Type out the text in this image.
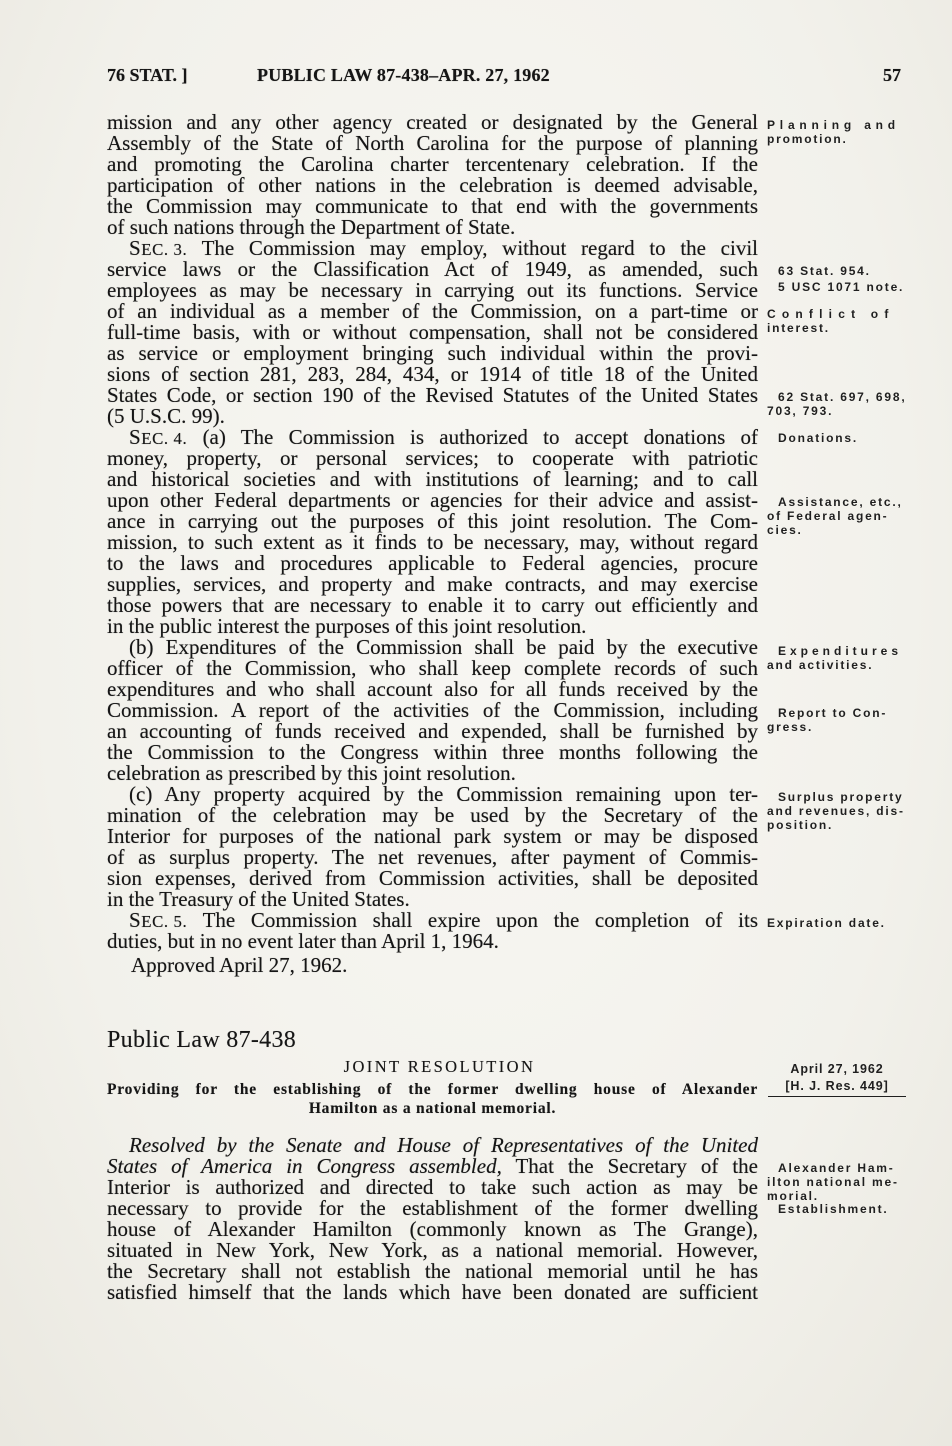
76 STAT. ]	PUBLIC LAW 87-438–APR. 27, 1962	57
mission and any other agency created or designated by the General
Assembly of the State of North Carolina for the purpose of planning
and promoting the Carolina charter tercentenary celebration. If the
participation of other nations in the celebration is deemed advisable,
the Commission may communicate to that end with the governments
of such nations through the Department of State.
SEC. 3. The Commission may employ, without regard to the civil
service laws or the Classification Act of 1949, as amended, such
employees as may be necessary in carrying out its functions. Service
of an individual as a member of the Commission, on a part-time or
full-time basis, with or without compensation, shall not be considered
as service or employment bringing such individual within the provi-
sions of section 281, 283, 284, 434, or 1914 of title 18 of the United
States Code, or section 190 of the Revised Statutes of the United States
(5 U.S.C. 99).
SEC. 4. (a) The Commission is authorized to accept donations of
money, property, or personal services; to cooperate with patriotic
and historical societies and with institutions of learning; and to call
upon other Federal departments or agencies for their advice and assist-
ance in carrying out the purposes of this joint resolution. The Com-
mission, to such extent as it finds to be necessary, may, without regard
to the laws and procedures applicable to Federal agencies, procure
supplies, services, and property and make contracts, and may exercise
those powers that are necessary to enable it to carry out efficiently and
in the public interest the purposes of this joint resolution.
(b) Expenditures of the Commission shall be paid by the executive
officer of the Commission, who shall keep complete records of such
expenditures and who shall account also for all funds received by the
Commission. A report of the activities of the Commission, including
an accounting of funds received and expended, shall be furnished by
the Commission to the Congress within three months following the
celebration as prescribed by this joint resolution.
(c) Any property acquired by the Commission remaining upon ter-
mination of the celebration may be used by the Secretary of the
Interior for purposes of the national park system or may be disposed
of as surplus property. The net revenues, after payment of Commis-
sion expenses, derived from Commission activities, shall be deposited
in the Treasury of the United States.
SEC. 5. The Commission shall expire upon the completion of its
duties, but in no event later than April 1, 1964.
Approved April 27, 1962.
Public Law 87-438
JOINT RESOLUTION
Providing for the establishing of the former dwelling house of Alexander
Hamilton as a national memorial.
Resolved by the Senate and House of Representatives of the United
States of America in Congress assembled, That the Secretary of the
Interior is authorized and directed to take such action as may be
necessary to provide for the establishment of the former dwelling
house of Alexander Hamilton (commonly known as The Grange),
situated in New York, New York, as a national memorial. However,
the Secretary shall not establish the national memorial until he has
satisfied himself that the lands which have been donated are sufficient
Planning and
promotion.
63 Stat. 954.
5 USC 1071 note.
Conflict of
interest.
62 Stat. 697, 698,
703, 793.
Donations.
Assistance, etc.,
of Federal agen-
cies.
Expenditures
and activities.
Report to Con-
gress.
Surplus property
and revenues, dis-
position.
Expiration date.
April 27, 1962
[H. J. Res. 449]
Alexander Ham-
ilton national me-
morial.
Establishment.
